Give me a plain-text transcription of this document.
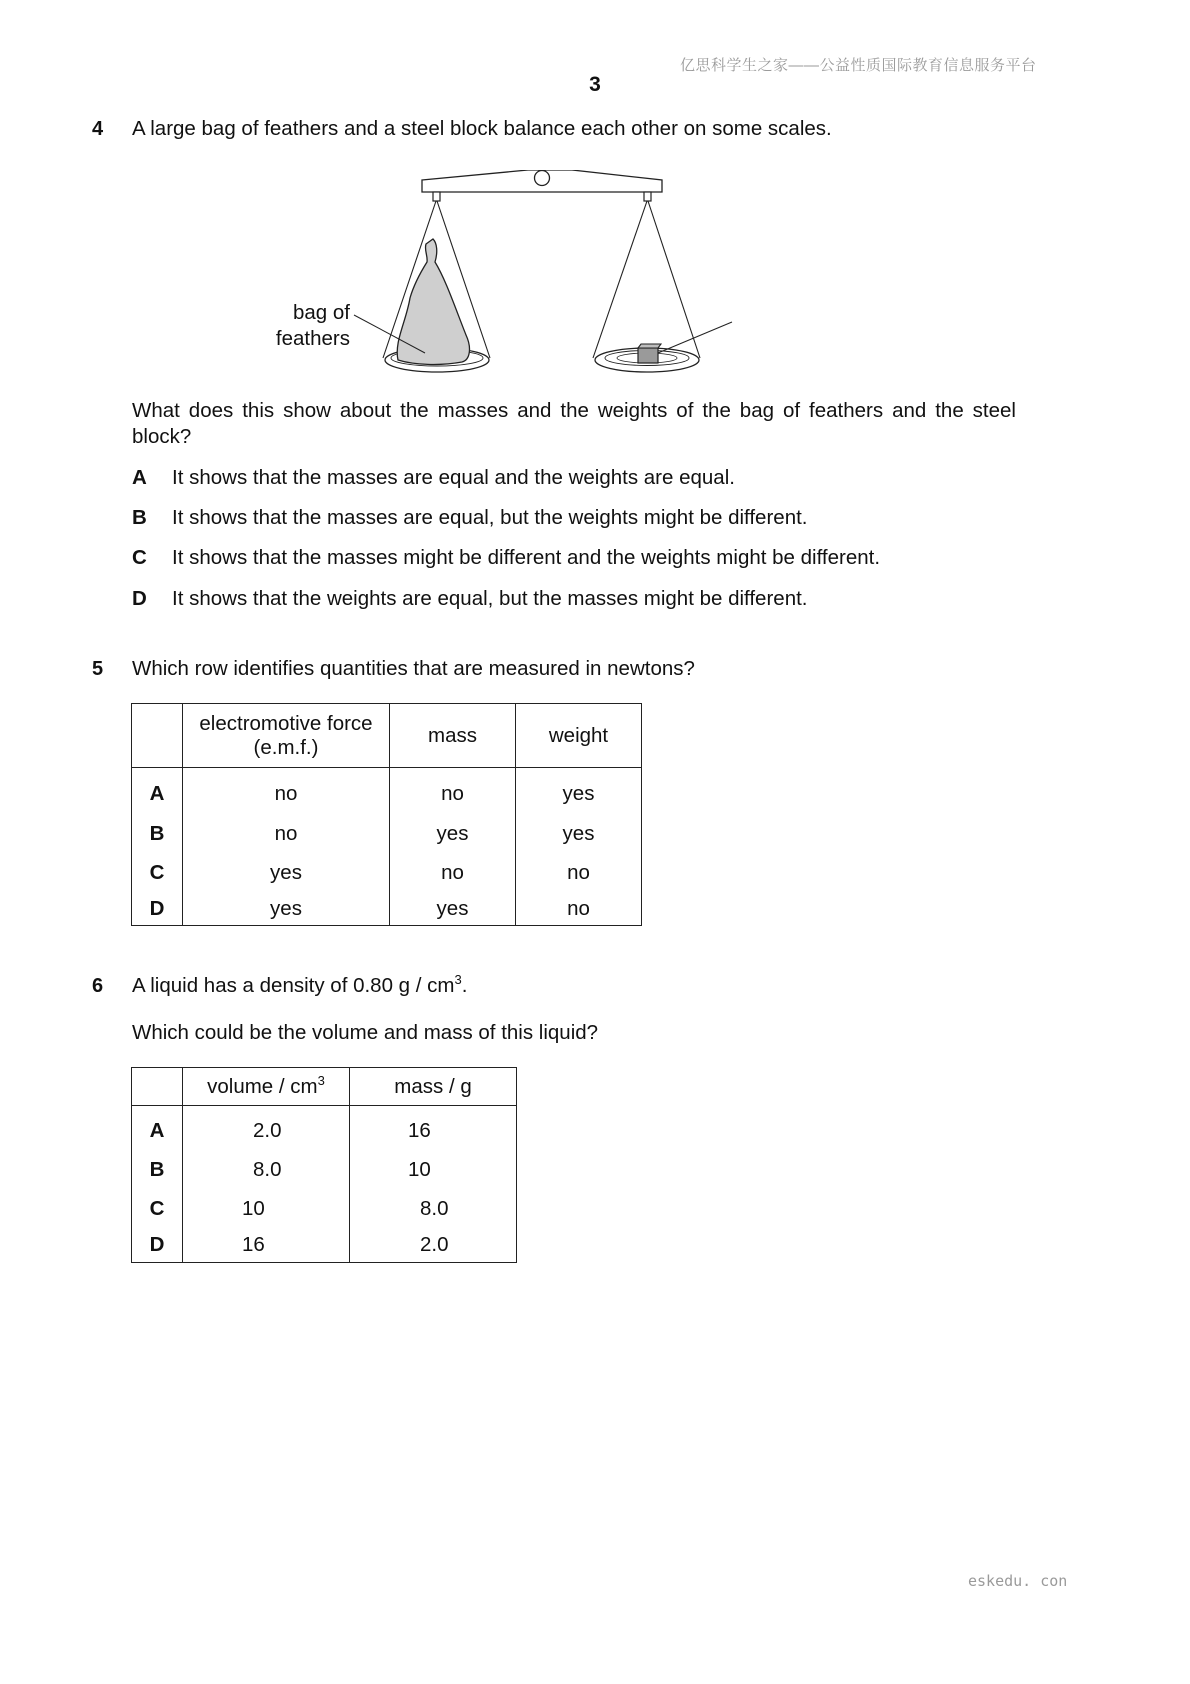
亿思科学生之家——公益性质国际教育信息服务平台
3
4 A large bag of feathers and a steel block balance each other on some scales.
bag of
feathers
What does this show about the masses and the weights of the bag of feathers and the steel block?
A It shows that the masses are equal and the weights are equal.
B It shows that the masses are equal, but the weights might be different.
C It shows that the masses might be different and the weights might be different.
D It shows that the weights are equal, but the masses might be different.
5 Which row identifies quantities that are measured in newtons?

	electromotive force
(e.m.f.)	mass	weight
A	no	no	yes
B	no	yes	yes
C	yes	no	no
D	yes	yes	no
6 A liquid has a density of 0.80 g / $cm^3$.
Which could be the volume and mass of this liquid?
	volume / $cm^3$	mass / g
A	2.0	16
B	8.0	10
C	10	8.0
D	16	2.0
eskedu. con
